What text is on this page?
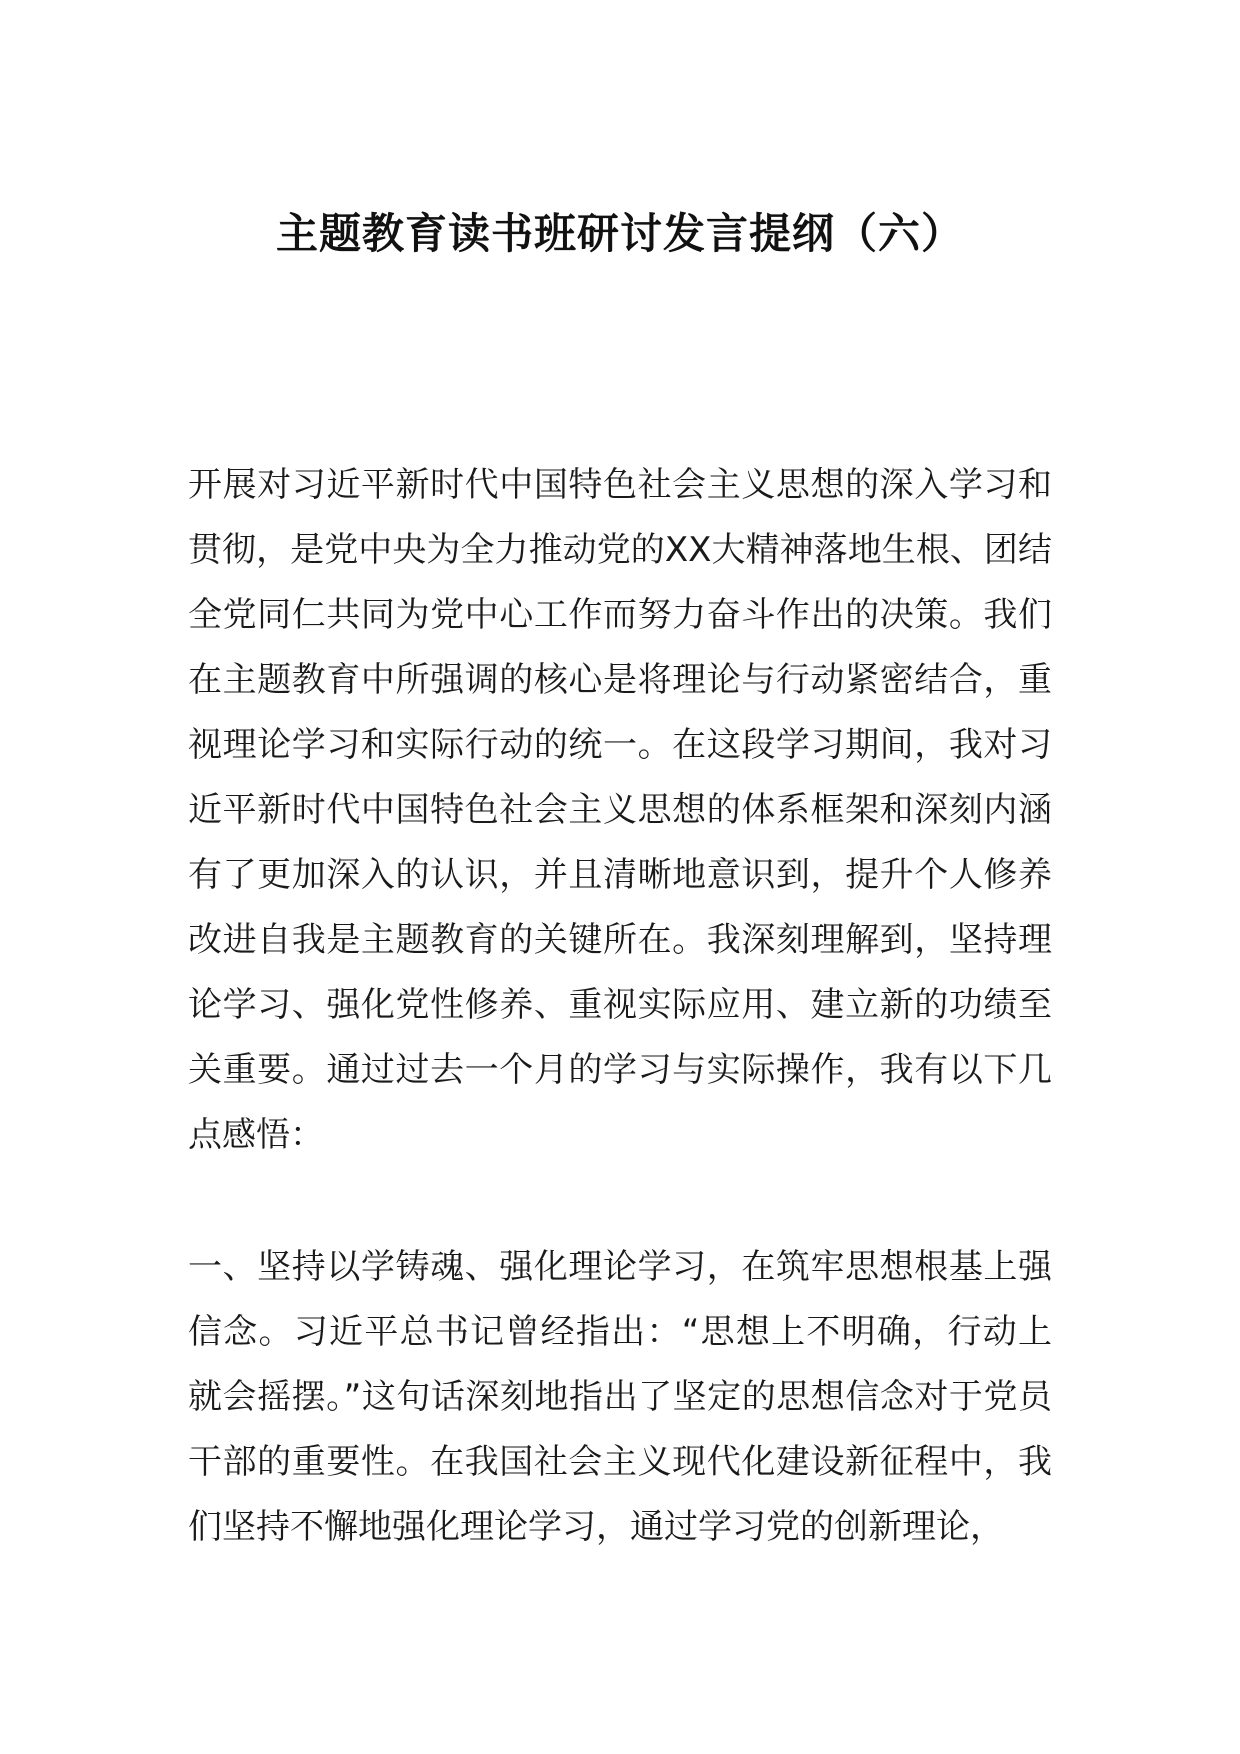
主题教育读书班研讨发言提纲（六）

开展对习近平新时代中国特色社会主义思想的深入学习和贯彻，是党中央为全力推动党的XX大精神落地生根、团结全党同仁共同为党中心工作而努力奋斗作出的决策。我们在主题教育中所强调的核心是将理论与行动紧密结合，重视理论学习和实际行动的统一。在这段学习期间，我对习近平新时代中国特色社会主义思想的体系框架和深刻内涵有了更加深入的认识，并且清晰地意识到，提升个人修养改进自我是主题教育的关键所在。我深刻理解到，坚持理论学习、强化党性修养、重视实际应用、建立新的功绩至关重要。通过过去一个月的学习与实际操作，我有以下几点感悟：

一、坚持以学铸魂、强化理论学习，在筑牢思想根基上强信念。习近平总书记曾经指出：“思想上不明确，行动上就会摇摆。”这句话深刻地指出了坚定的思想信念对于党员干部的重要性。在我国社会主义现代化建设新征程中，我们坚持不懈地强化理论学习，通过学习党的创新理论，
